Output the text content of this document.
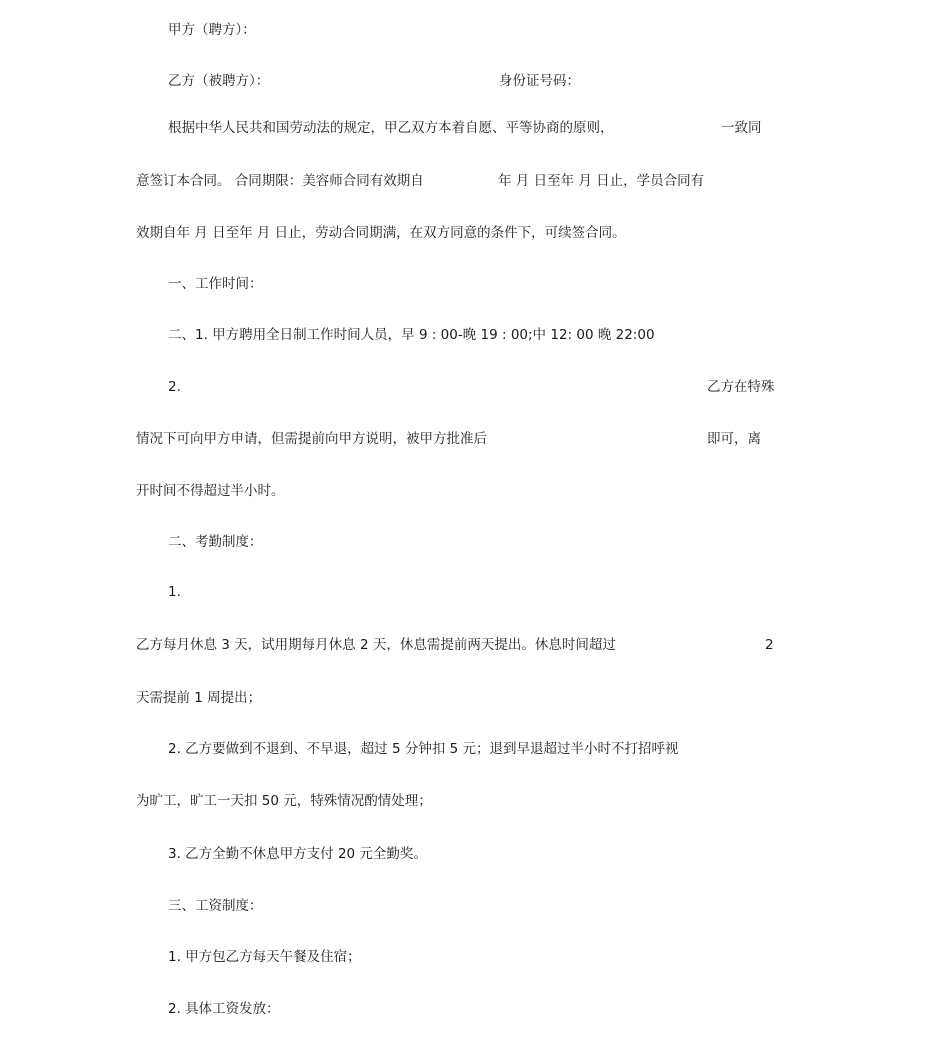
甲方（聘方）：
乙方（被聘方）：	身份证号码：
根据中华人民共和国劳动法的规定，甲乙双方本着自愿、平等协商的原则，	一致同
意签订本合同。 合同期限：美容师合同有效期自	年 月 日至年 月 日止，学员合同有
效期自年 月 日至年 月 日止，劳动合同期满，在双方同意的条件下，可续签合同。
一、工作时间：
二、1. 甲方聘用全日制工作时间人员，早 9 : 00-晚 19 : 00;中 12: 00 晚 22:00
2.	乙方在特殊
情况下可向甲方申请，但需提前向甲方说明，被甲方批准后	即可，离
开时间不得超过半小时。
二、考勤制度：
1.
乙方每月休息 3 天，试用期每月休息 2 天，休息需提前两天提出。休息时间超过	2
天需提前 1 周提出；
2. 乙方要做到不退到、不早退，超过 5 分钟扣 5 元；退到早退超过半小时不打招呼视
为旷工，旷工一天扣 50 元，特殊情况酌情处理；
3. 乙方全勤不休息甲方支付 20 元全勤奖。
三、工资制度：
1. 甲方包乙方每天午餐及住宿；
2. 具体工资发放：
